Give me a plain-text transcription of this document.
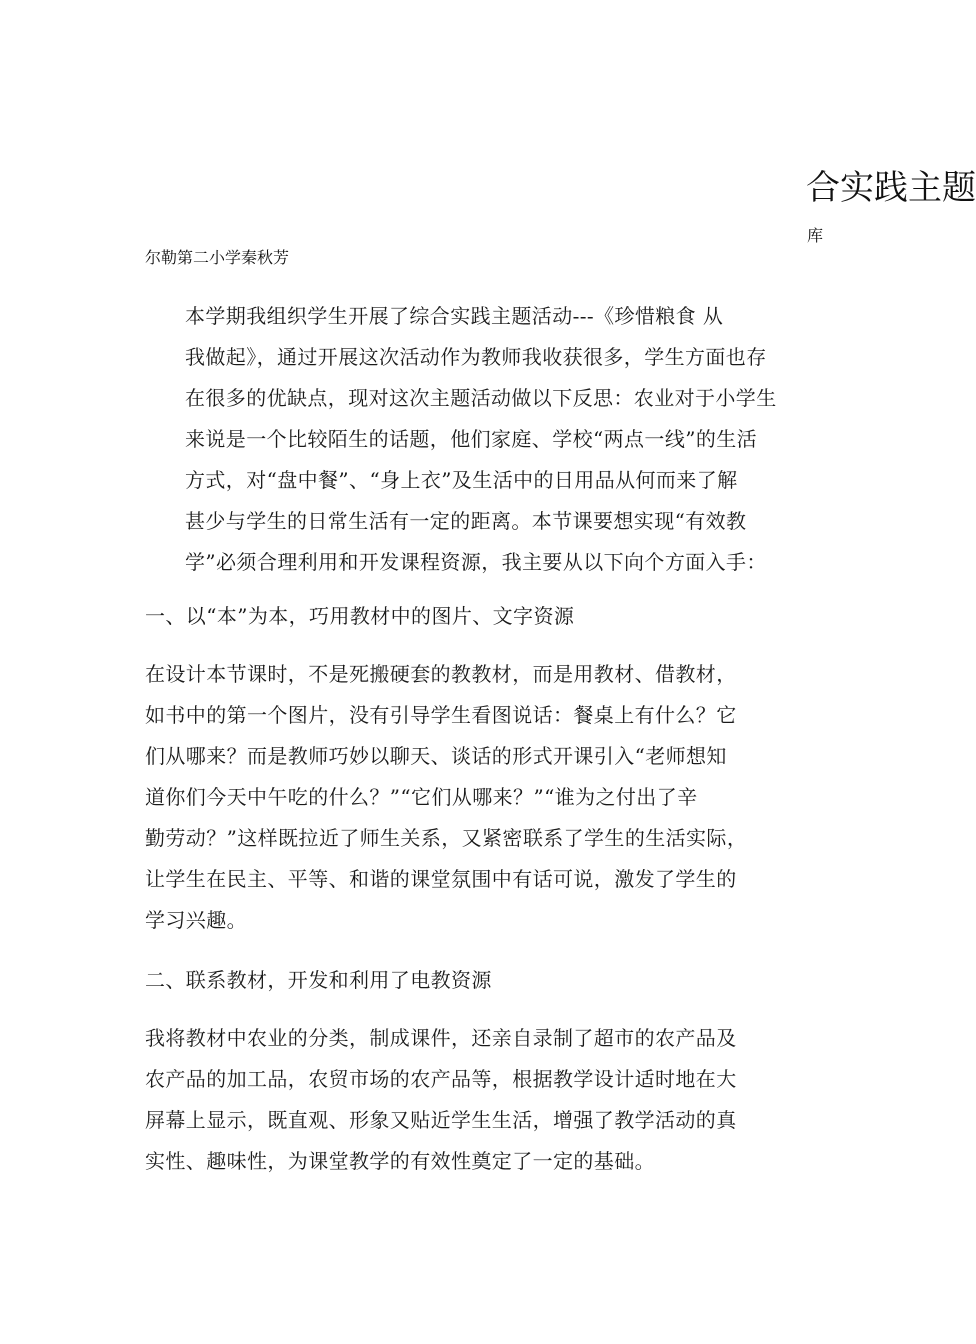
合实践主题
库
尔勒第二小学秦秋芳

本学期我组织学生开展了综合实践主题活动---《珍惜粮食 从
我做起》，通过开展这次活动作为教师我收获很多，学生方面也存
在很多的优缺点，现对这次主题活动做以下反思：农业对于小学生
来说是一个比较陌生的话题，他们家庭、学校“两点一线”的生活
方式，对“盘中餐”、“身上衣”及生活中的日用品从何而来了解
甚少与学生的日常生活有一定的距离。本节课要想实现“有效教
学”必须合理利用和开发课程资源，我主要从以下向个方面入手：

一、以“本”为本，巧用教材中的图片、文字资源

在设计本节课时，不是死搬硬套的教教材，而是用教材、借教材，
如书中的第一个图片，没有引导学生看图说话：餐桌上有什么？它
们从哪来？而是教师巧妙以聊天、谈话的形式开课引入“老师想知
道你们今天中午吃的什么？”“它们从哪来？”“谁为之付出了辛
勤劳动？”这样既拉近了师生关系，又紧密联系了学生的生活实际，
让学生在民主、平等、和谐的课堂氛围中有话可说，激发了学生的
学习兴趣。

二、联系教材，开发和利用了电教资源

我将教材中农业的分类，制成课件，还亲自录制了超市的农产品及
农产品的加工品，农贸市场的农产品等，根据教学设计适时地在大
屏幕上显示，既直观、形象又贴近学生生活，增强了教学活动的真
实性、趣味性，为课堂教学的有效性奠定了一定的基础。
